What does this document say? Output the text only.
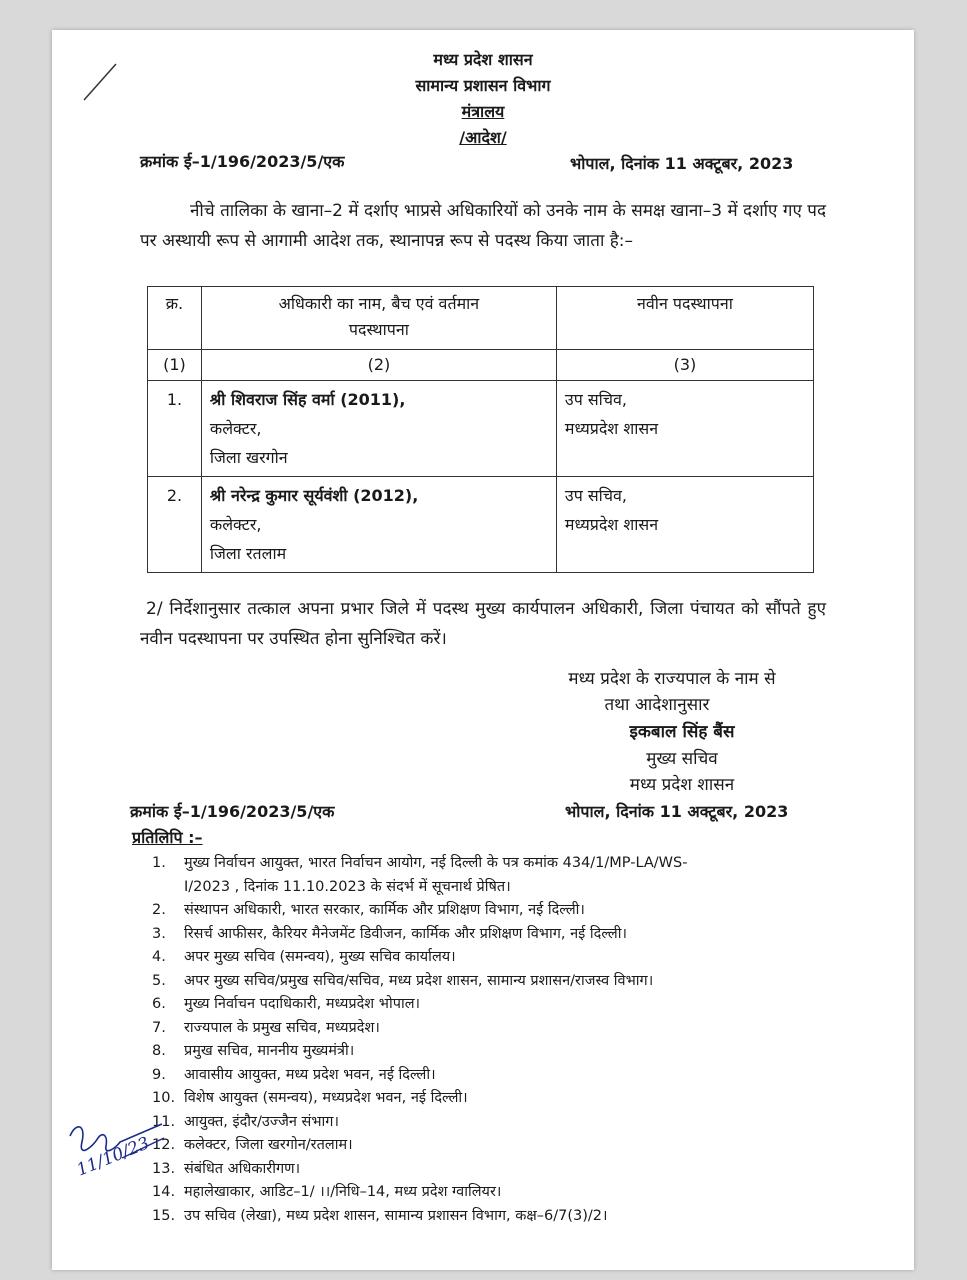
मध्य प्रदेश शासन
सामान्य प्रशासन विभाग
मंत्रालय
/आदेश/
क्रमांक ई–1/196/2023/5/एक	भोपाल, दिनांक 11 अक्टूबर, 2023
नीचे तालिका के खाना–2 में दर्शाए भाप्रसे अधिकारियों को उनके नाम के समक्ष खाना–3 में दर्शाए गए पद पर अस्थायी रूप से आगामी आदेश तक, स्थानापन्न रूप से पदस्थ किया जाता है:–
क्र.	अधिकारी का नाम, बैच एवं वर्तमान पदस्थापना	नवीन पदस्थापना
(1)	(2)	(3)
1.	श्री शिवराज सिंह वर्मा (2011),
कलेक्टर,
जिला खरगोन	उप सचिव,
मध्यप्रदेश शासन

2.	श्री नरेन्द्र कुमार सूर्यवंशी (2012),
कलेक्टर,
जिला रतलाम	उप सचिव,
मध्यप्रदेश शासन
2/ निर्देशानुसार तत्काल अपना प्रभार जिले में पदस्थ मुख्य कार्यपालन अधिकारी, जिला पंचायत को सौंपते हुए नवीन पदस्थापना पर उपस्थित होना सुनिश्चित करें।
मध्य प्रदेश के राज्यपाल के नाम से
तथा आदेशानुसार
इकबाल सिंह बैंस
मुख्य सचिव
मध्य प्रदेश शासन
क्रमांक ई–1/196/2023/5/एक	भोपाल, दिनांक 11 अक्टूबर, 2023
प्रतिलिपि :–
1. मुख्य निर्वाचन आयुक्त, भारत निर्वाचन आयोग, नई दिल्ली के पत्र कमांक 434/1/MP-LA/WS-
I/2023 , दिनांक 11.10.2023 के संदर्भ में सूचनार्थ प्रेषित।
2. संस्थापन अधिकारी, भारत सरकार, कार्मिक और प्रशिक्षण विभाग, नई दिल्ली।
3. रिसर्च आफीसर, कैरियर मैनेजमेंट डिवीजन, कार्मिक और प्रशिक्षण विभाग, नई दिल्ली।
4. अपर मुख्य सचिव (समन्वय), मुख्य सचिव कार्यालय।
5. अपर मुख्य सचिव/प्रमुख सचिव/सचिव, मध्य प्रदेश शासन, सामान्य प्रशासन/राजस्व विभाग।
6. मुख्य निर्वाचन पदाधिकारी, मध्यप्रदेश भोपाल।
7. राज्यपाल के प्रमुख सचिव, मध्यप्रदेश।
8. प्रमुख सचिव, माननीय मुख्यमंत्री।
9. आवासीय आयुक्त, मध्य प्रदेश भवन, नई दिल्ली।
10. विशेष आयुक्त (समन्वय), मध्यप्रदेश भवन, नई दिल्ली।
11. आयुक्त, इंदौर/उज्जैन संभाग।
12. कलेक्टर, जिला खरगोन/रतलाम।
13. संबंधित अधिकारीगण।
14. महालेखाकार, आडिट–1/ ।।/निधि–14, मध्य प्रदेश ग्वालियर।
15. उप सचिव (लेखा), मध्य प्रदेश शासन, सामान्य प्रशासन विभाग, कक्ष–6/7(3)/2।
11/10/23
